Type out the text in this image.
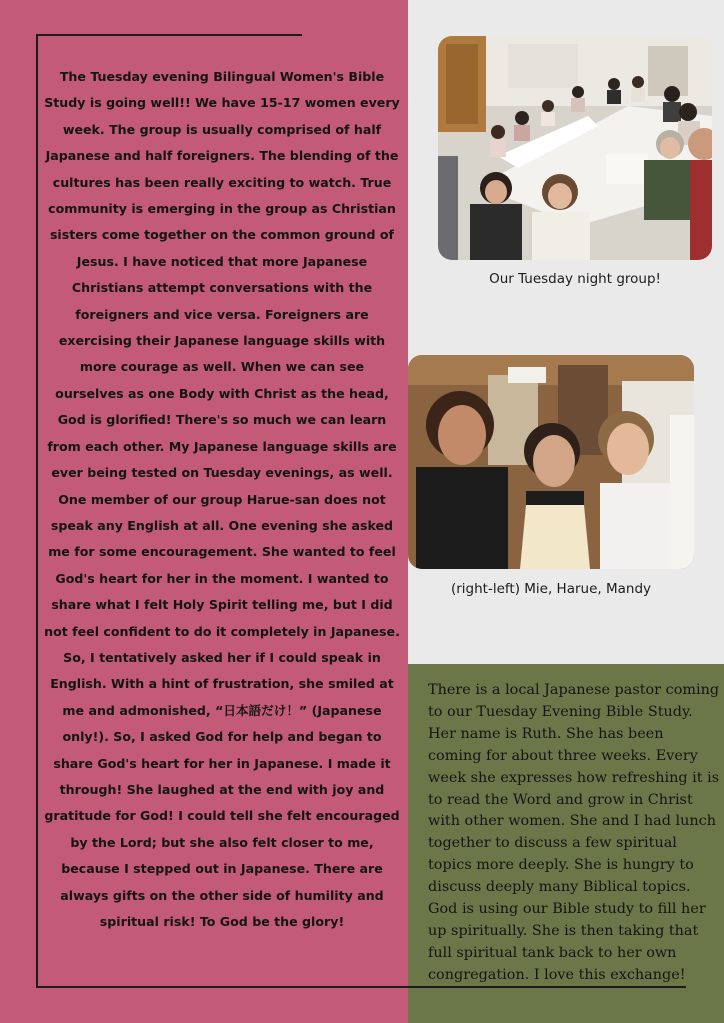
The Tuesday evening Bilingual Women's Bible Study is going well!! We have 15-17 women every week. The group is usually comprised of half Japanese and half foreigners. The blending of the cultures has been really exciting to watch. True community is emerging in the group as Christian sisters come together on the common ground of Jesus. I have noticed that more Japanese Christians attempt conversations with the foreigners and vice versa. Foreigners are exercising their Japanese language skills with more courage as well. When we can see ourselves as one Body with Christ as the head, God is glorified! There's so much we can learn from each other. My Japanese language skills are ever being tested on Tuesday evenings, as well. One member of our group Harue-san does not speak any English at all. One evening she asked me for some encouragement. She wanted to feel God's heart for her in the moment. I wanted to share what I felt Holy Spirit telling me, but I did not feel confident to do it completely in Japanese. So, I tentatively asked her if I could speak in English. With a hint of frustration, she smiled at me and admonished, “日本語だけ！” (Japanese only!). So, I asked God for help and began to share God's heart for her in Japanese. I made it through! She laughed at the end with joy and gratitude for God! I could tell she felt encouraged by the Lord; but she also felt closer to me, because I stepped out in Japanese. There are always gifts on the other side of humility and spiritual risk! To God be the glory!

Our Tuesday night group!
(right-left) Mie, Harue, Mandy

There is a local Japanese pastor coming to our Tuesday Evening Bible Study. Her name is Ruth. She has been coming for about three weeks. Every week she expresses how refreshing it is to read the Word and grow in Christ with other women. She and I had lunch together to discuss a few spiritual topics more deeply. She is hungry to discuss deeply many Biblical topics. God is using our Bible study to fill her up spiritually. She is then taking that full spiritual tank back to her own congregation. I love this exchange!
